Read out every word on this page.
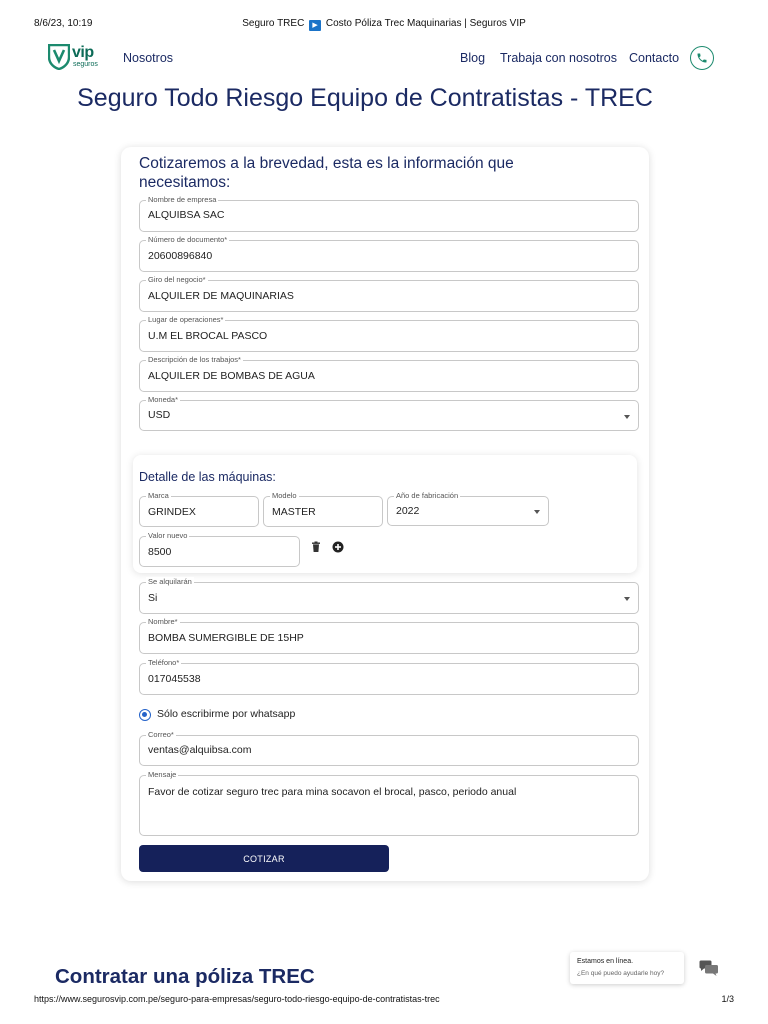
8/6/23, 10:19	Seguro TREC ▶ Costo Póliza Trec Maquinarias | Seguros VIP
vip
seguros Nosotros	Blog Trabaja con nosotros Contacto
Seguro Todo Riesgo Equipo de Contratistas - TREC
Cotizaremos a la brevedad, esta es la información que necesitamos:
Nombre de empresa
ALQUIBSA SAC
Número de documento*
20600896840
Giro del negocio*
ALQUILER DE MAQUINARIAS
Lugar de operaciones*
U.M EL BROCAL PASCO
Descripción de los trabajos*
ALQUILER DE BOMBAS DE AGUA
Moneda*
USD
Detalle de las máquinas:
Marca
GRINDEX
Modelo
MASTER
Año de fabricación
2022
Valor nuevo
8500
Se alquilarán
Si
Nombre*
BOMBA SUMERGIBLE DE 15HP
Teléfono*
017045538
Sólo escribirme por whatsapp
Correo*
ventas@alquibsa.com
Mensaje
Favor de cotizar seguro trec para mina socavon el brocal, pasco, periodo anual
COTIZAR
Contratar una póliza TREC
Estamos en línea.
¿En qué puedo ayudarle hoy?
https://www.segurosvip.com.pe/seguro-para-empresas/seguro-todo-riesgo-equipo-de-contratistas-trec	1/3
